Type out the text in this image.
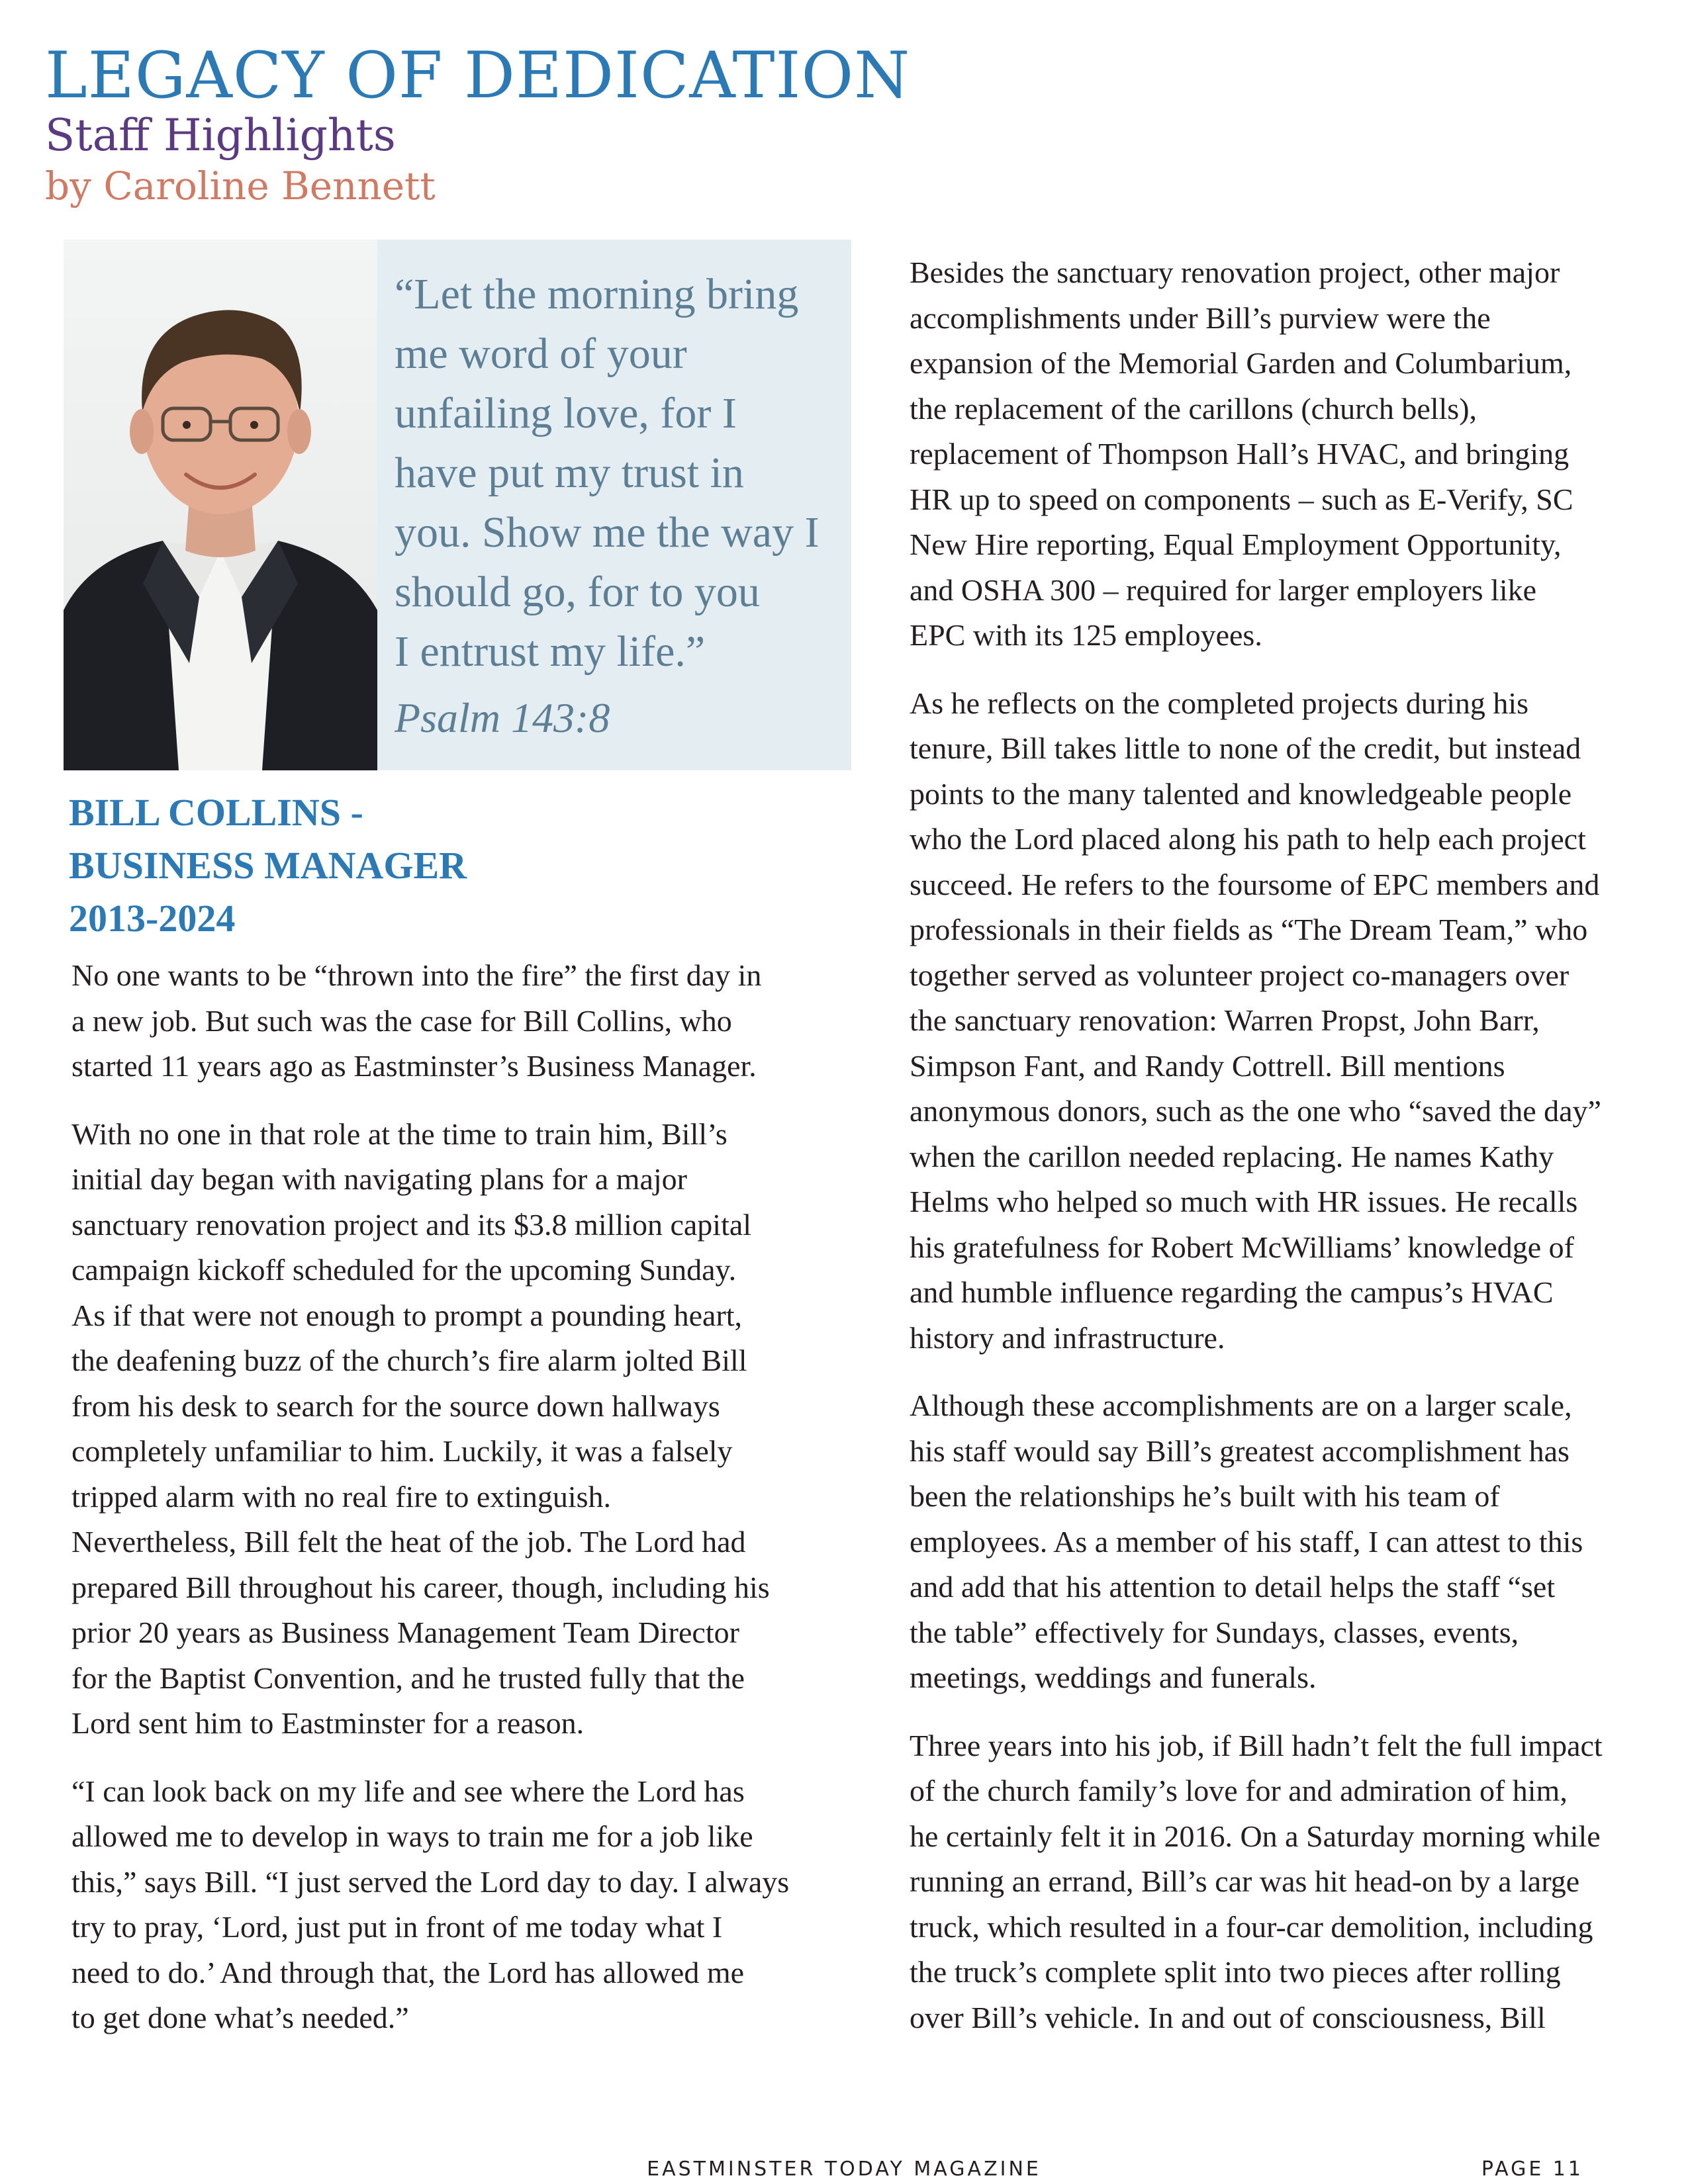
LEGACY OF DEDICATION
Staff Highlights
by Caroline Bennett
“Let the morning bring
me word of your
unfailing love, for I
have put my trust in
you. Show me the way I
should go, for to you
I entrust my life.”
Psalm 143:8
BILL COLLINS -
BUSINESS MANAGER
2013-2024

No one wants to be “thrown into the fire” the first day in
a new job. But such was the case for Bill Collins, who
started 11 years ago as Eastminster’s Business Manager.

With no one in that role at the time to train him, Bill’s
initial day began with navigating plans for a major
sanctuary renovation project and its $3.8 million capital
campaign kickoff scheduled for the upcoming Sunday.
As if that were not enough to prompt a pounding heart,
the deafening buzz of the church’s fire alarm jolted Bill
from his desk to search for the source down hallways
completely unfamiliar to him. Luckily, it was a falsely
tripped alarm with no real fire to extinguish.
Nevertheless, Bill felt the heat of the job. The Lord had
prepared Bill throughout his career, though, including his
prior 20 years as Business Management Team Director
for the Baptist Convention, and he trusted fully that the
Lord sent him to Eastminster for a reason.

“I can look back on my life and see where the Lord has
allowed me to develop in ways to train me for a job like
this,” says Bill. “I just served the Lord day to day. I always
try to pray, ‘Lord, just put in front of me today what I
need to do.’ And through that, the Lord has allowed me
to get done what’s needed.”

Besides the sanctuary renovation project, other major
accomplishments under Bill’s purview were the
expansion of the Memorial Garden and Columbarium,
the replacement of the carillons (church bells),
replacement of Thompson Hall’s HVAC, and bringing
HR up to speed on components – such as E-Verify, SC
New Hire reporting, Equal Employment Opportunity,
and OSHA 300 – required for larger employers like
EPC with its 125 employees.

As he reflects on the completed projects during his
tenure, Bill takes little to none of the credit, but instead
points to the many talented and knowledgeable people
who the Lord placed along his path to help each project
succeed. He refers to the foursome of EPC members and
professionals in their fields as “The Dream Team,” who
together served as volunteer project co-managers over
the sanctuary renovation: Warren Propst, John Barr,
Simpson Fant, and Randy Cottrell. Bill mentions
anonymous donors, such as the one who “saved the day”
when the carillon needed replacing. He names Kathy
Helms who helped so much with HR issues. He recalls
his gratefulness for Robert McWilliams’ knowledge of
and humble influence regarding the campus’s HVAC
history and infrastructure.

Although these accomplishments are on a larger scale,
his staff would say Bill’s greatest accomplishment has
been the relationships he’s built with his team of
employees. As a member of his staff, I can attest to this
and add that his attention to detail helps the staff “set
the table” effectively for Sundays, classes, events,
meetings, weddings and funerals.

Three years into his job, if Bill hadn’t felt the full impact
of the church family’s love for and admiration of him,
he certainly felt it in 2016. On a Saturday morning while
running an errand, Bill’s car was hit head-on by a large
truck, which resulted in a four-car demolition, including
the truck’s complete split into two pieces after rolling
over Bill’s vehicle. In and out of consciousness, Bill

EASTMINSTER TODAY MAGAZINE	PAGE 11
